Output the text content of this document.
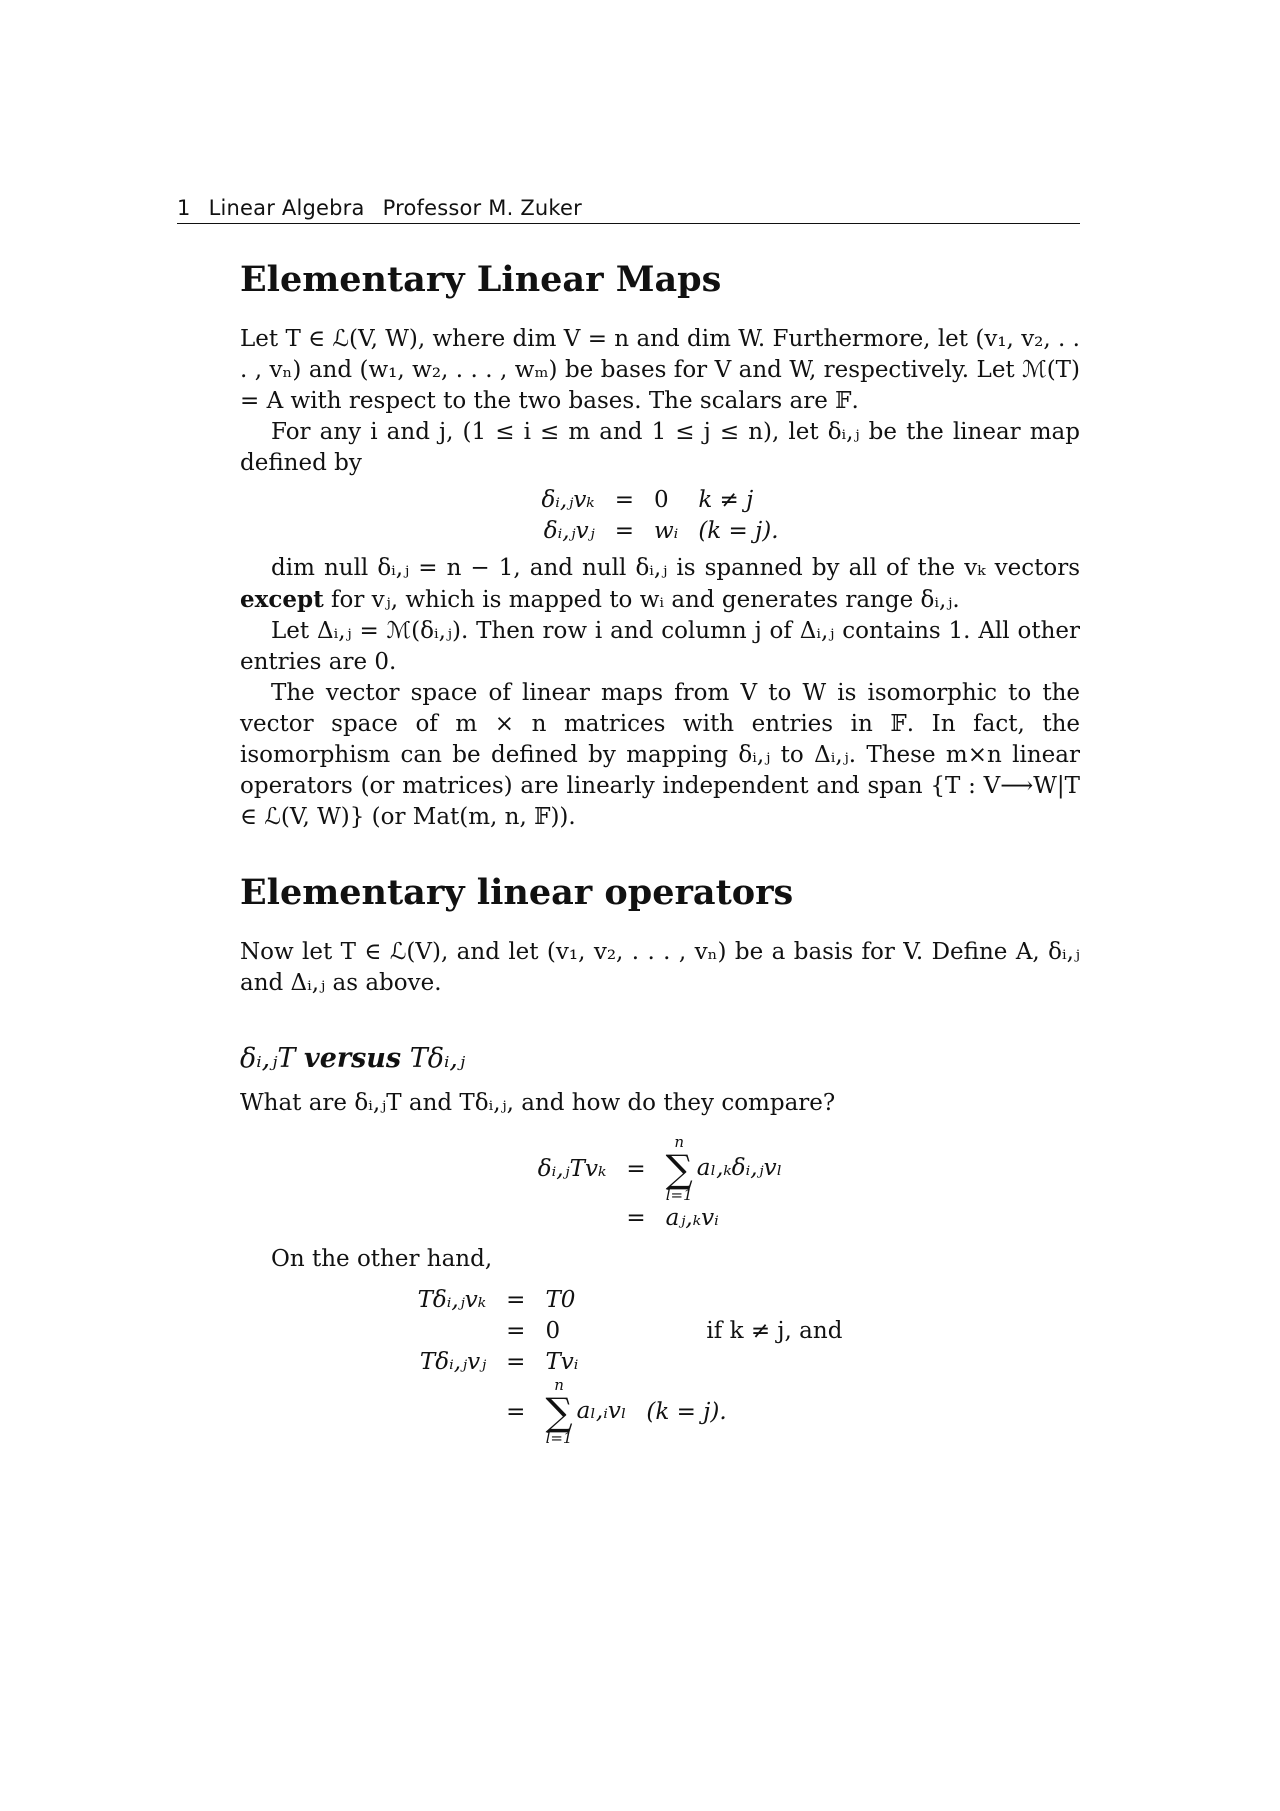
1 Linear Algebra Professor M. Zuker
Elementary Linear Maps

Let T ∈ ℒ(V, W), where dim V = n and dim W. Furthermore, let (v₁, v₂, . . . , vₙ) and (w₁, w₂, . . . , wₘ) be bases for V and W, respectively. Let ℳ(T) = A with respect to the two bases. The scalars are 𝔽.

For any i and j, (1 ≤ i ≤ m and 1 ≤ j ≤ n), let δᵢ,ⱼ be the linear map defined by

δᵢ,ⱼvₖ = 0	k ≠ j
δᵢ,ⱼvⱼ = wᵢ (k = j).

dim null δᵢ,ⱼ = n − 1, and null δᵢ,ⱼ is spanned by all of the vₖ vectors except for vⱼ, which is mapped to wᵢ and generates range δᵢ,ⱼ.

Let Δᵢ,ⱼ = ℳ(δᵢ,ⱼ). Then row i and column j of Δᵢ,ⱼ contains 1. All other entries are 0.

The vector space of linear maps from V to W is isomorphic to the vector space of m × n matrices with entries in 𝔽. In fact, the isomorphism can be defined by mapping δᵢ,ⱼ to Δᵢ,ⱼ. These m×n linear operators (or matrices) are linearly independent and span {T : V⟶W|T ∈ ℒ(V, W)} (or Mat(m, n, 𝔽)).

Elementary linear operators

Now let T ∈ ℒ(V), and let (v₁, v₂, . . . , vₙ) be a basis for V. Define A, δᵢ,ⱼ and Δᵢ,ⱼ as above.

δᵢ,ⱼT versus Tδᵢ,ⱼ

What are δᵢ,ⱼT and Tδᵢ,ⱼ, and how do they compare?

δᵢ,ⱼTvₖ =
n
∑
l=1
aₗ,ₖδᵢ,ⱼvₗ
= aⱼ,ₖvᵢ

On the other hand,

Tδᵢ,ⱼvₖ = T0
= 0	if k ≠ j, and
Tδᵢ,ⱼvⱼ = Tvᵢ
=
n
∑
l=1
aₗ,ᵢvₗ (k = j).
